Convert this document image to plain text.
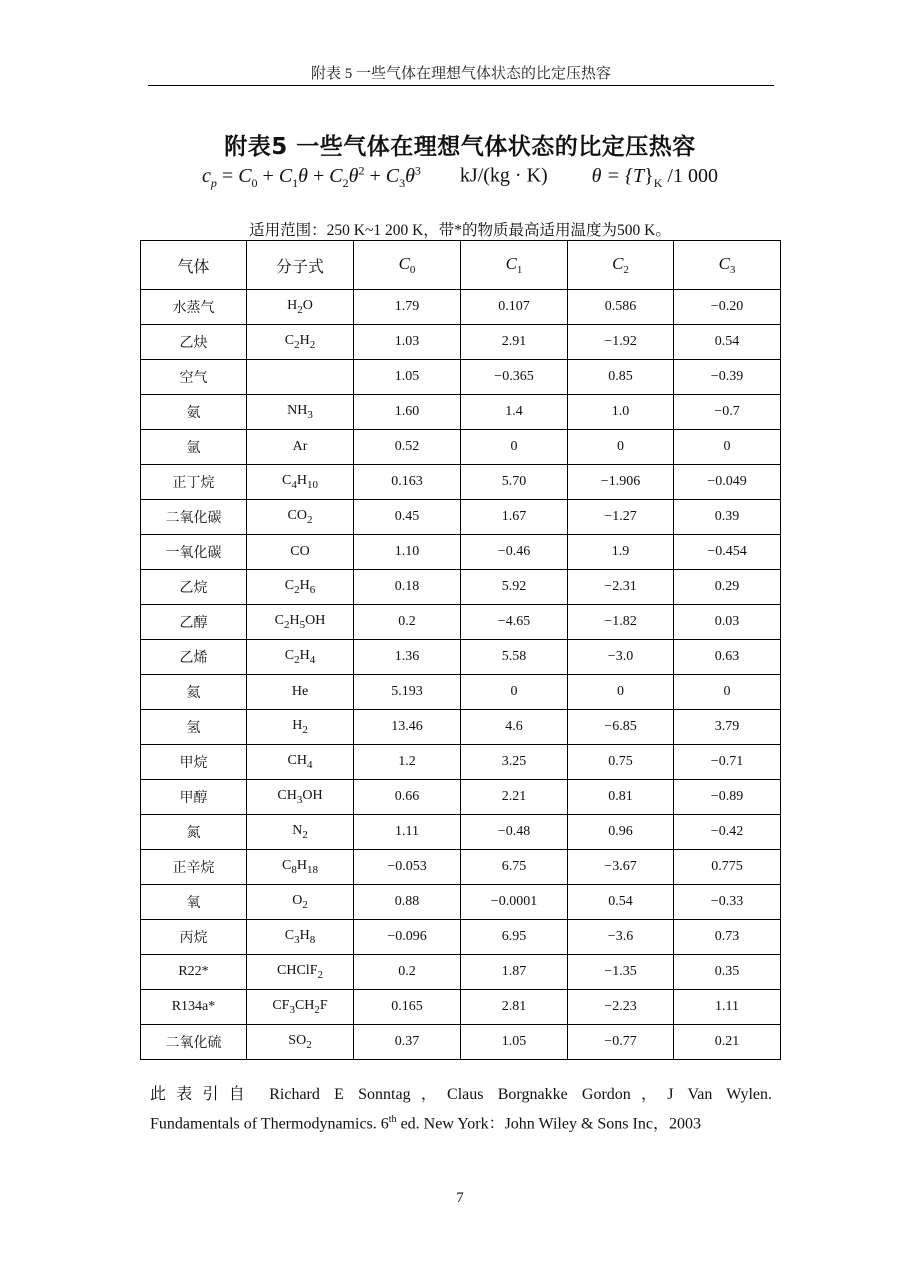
附表 5 一些气体在理想气体状态的比定压热容
附表5 一些气体在理想气体状态的比定压热容
$c_p = C_0 + C_1\theta + C_2\theta^2 + C_3\theta^3$ kJ/(kg · K) $\theta = \{T\}_K$ /1 000
适用范围：250 K~1 200 K，带*的物质最高适用温度为500 K。
气体	分子式	$C_0$	$C_1$	$C_2$	$C_3$
水蒸气	$H_2O$	1.79	0.107	0.586	−0.20
乙炔	$C_2H_2$	1.03	2.91	−1.92	0.54
空气		1.05	−0.365	0.85	−0.39
氨	$NH_3$	1.60	1.4	1.0	−0.7
氩	Ar	0.52	0	0	0
正丁烷	$C_4H_{10}$	0.163	5.70	−1.906	−0.049
二氧化碳	$CO_2$	0.45	1.67	−1.27	0.39
一氧化碳	CO	1.10	−0.46	1.9	−0.454
乙烷	$C_2H_6$	0.18	5.92	−2.31	0.29
乙醇	$C_2H_5OH$	0.2	−4.65	−1.82	0.03
乙烯	$C_2H_4$	1.36	5.58	−3.0	0.63
氦	He	5.193	0	0	0
氢	$H_2$	13.46	4.6	−6.85	3.79
甲烷	$CH_4$	1.2	3.25	0.75	−0.71
甲醇	$CH_3OH$	0.66	2.21	0.81	−0.89
氮	$N_2$	1.11	−0.48	0.96	−0.42
正辛烷	$C_8H_{18}$	−0.053	6.75	−3.67	0.775
氧	$O_2$	0.88	−0.0001	0.54	−0.33
丙烷	$C_3H_8$	−0.096	6.95	−3.6	0.73
R22*	CHClF$_2$	0.2	1.87	−1.35	0.35
R134a*	$CF_3CH_2F$	0.165	2.81	−2.23	1.11
二氧化硫	$SO_2$	0.37	1.05	−0.77	0.21
此表引自 Richard E Sonntag，Claus Borgnakke Gordon，J Van Wylen.
Fundamentals of Thermodynamics. 6th ed. New York：John Wiley & Sons Inc，2003
7
